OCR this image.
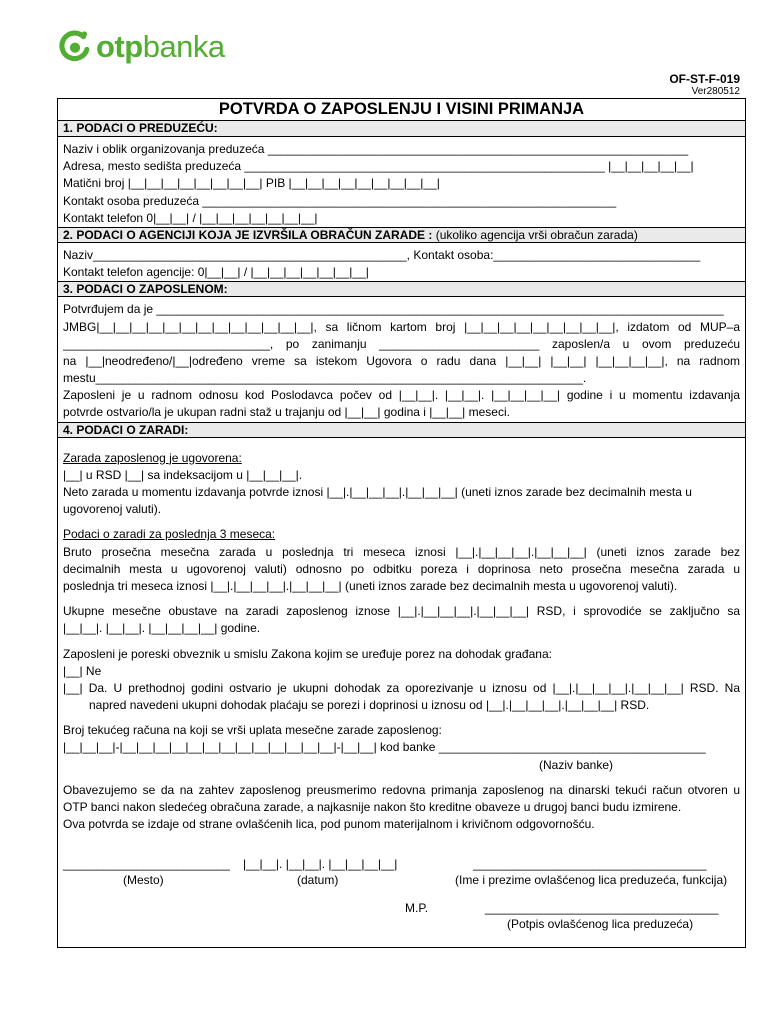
otpbanka
OF-ST-F-019
Ver280512
POTVRDA O ZAPOSLENJU I VISINI PRIMANJA
1. PODACI O PREDUZEĆU:
Naziv i oblik organizovanja preduzeća _______________________________________________________________
Adresa, mesto sedišta preduzeća ______________________________________________________ |__|__|__|__|__|
Matični broj |__|__|__|__|__|__|__|__| PIB |__|__|__|__|__|__|__|__|__|
Kontakt osoba preduzeća ______________________________________________________________
Kontakt telefon 0|__|__| / |__|__|__|__|__|__|__|
2. PODACI O AGENCIJI KOJA JE IZVRŠILA OBRAČUN ZARADE : (ukoliko agencija vrši obračun zarada)
Naziv_______________________________________________, Kontakt osoba:_______________________________
Kontakt telefon agencije: 0|__|__| / |__|__|__|__|__|__|__|
3. PODACI O ZAPOSLENOM:
Potvrđujem da je _____________________________________________________________________________________
JMBG|__|__|__|__|__|__|__|__|__|__|__|__|__|, sa ličnom kartom broj |__|__|__|__|__|__|__|__|__|, izdatom od MUP–a
_______________________________, po zanimanju ________________________ zaposlen/a u ovom preduzeću
na |__|neodređeno/|__|određeno vreme sa istekom Ugovora o radu dana |__|__| |__|__| |__|__|__|__|, na radnom
mestu_________________________________________________________________________.
Zaposleni je u radnom odnosu kod Poslodavca počev od |__|__|. |__|__|. |__|__|__|__| godine i u momentu izdavanja
potvrde ostvario/la je ukupan radni staž u trajanju od |__|__| godina i |__|__| meseci.
4. PODACI O ZARADI:
Zarada zaposlenog je ugovorena:
|__| u RSD |__| sa indeksacijom u |__|__|__|.
Neto zarada u momentu izdavanja potvrde iznosi |__|.|__|__|__|.|__|__|__| (uneti iznos zarade bez decimalnih mesta u
ugovorenoj valuti).
Podaci o zaradi za poslednja 3 meseca:
Bruto prosečna mesečna zarada u poslednja tri meseca iznosi |__|.|__|__|__|.|__|__|__| (uneti iznos zarade bez
decimalnih mesta u ugovorenoj valuti) odnosno po odbitku poreza i doprinosa neto prosečna mesečna zarada u
poslednja tri meseca iznosi |__|.|__|__|__|.|__|__|__| (uneti iznos zarade bez decimalnih mesta u ugovorenoj valuti).
Ukupne mesečne obustave na zaradi zaposlenog iznose |__|.|__|__|__|.|__|__|__| RSD, i sprovodiće se zaključno sa
|__|__|. |__|__|. |__|__|__|__| godine.
Zaposleni je poreski obveznik u smislu Zakona kojim se uređuje porez na dohodak građana:
|__| Ne
|__| Da. U prethodnoj godini ostvario je ukupni dohodak za oporezivanje u iznosu od |__|.|__|__|__|.|__|__|__| RSD. Na
napred navedeni ukupni dohodak plaćaju se porezi i doprinosi u iznosu od |__|.|__|__|__|.|__|__|__| RSD.
Broj tekućeg računa na koji se vrši uplata mesečne zarade zaposlenog:
|__|__|__|-|__|__|__|__|__|__|__|__|__|__|__|__|__|-|__|__| kod banke ________________________________________
(Naziv banke)
Obavezujemo se da na zahtev zaposlenog preusmerimo redovna primanja zaposlenog na dinarski tekući račun otvoren u
OTP banci nakon sledećeg obračuna zarade, a najkasnije nakon što kreditne obaveze u drugoj banci budu izmirene.
Ova potvrda se izdaje od strane ovlašćenih lica, pod punom materijalnom i krivičnom odgovornošću.
_________________________ |__|__|. |__|__|. |__|__|__|__|	___________________________________
(Mesto)	(datum)	(Ime i prezime ovlašćenog lica preduzeća, funkcija)
M.P.	___________________________________
(Potpis ovlašćenog lica preduzeća)
